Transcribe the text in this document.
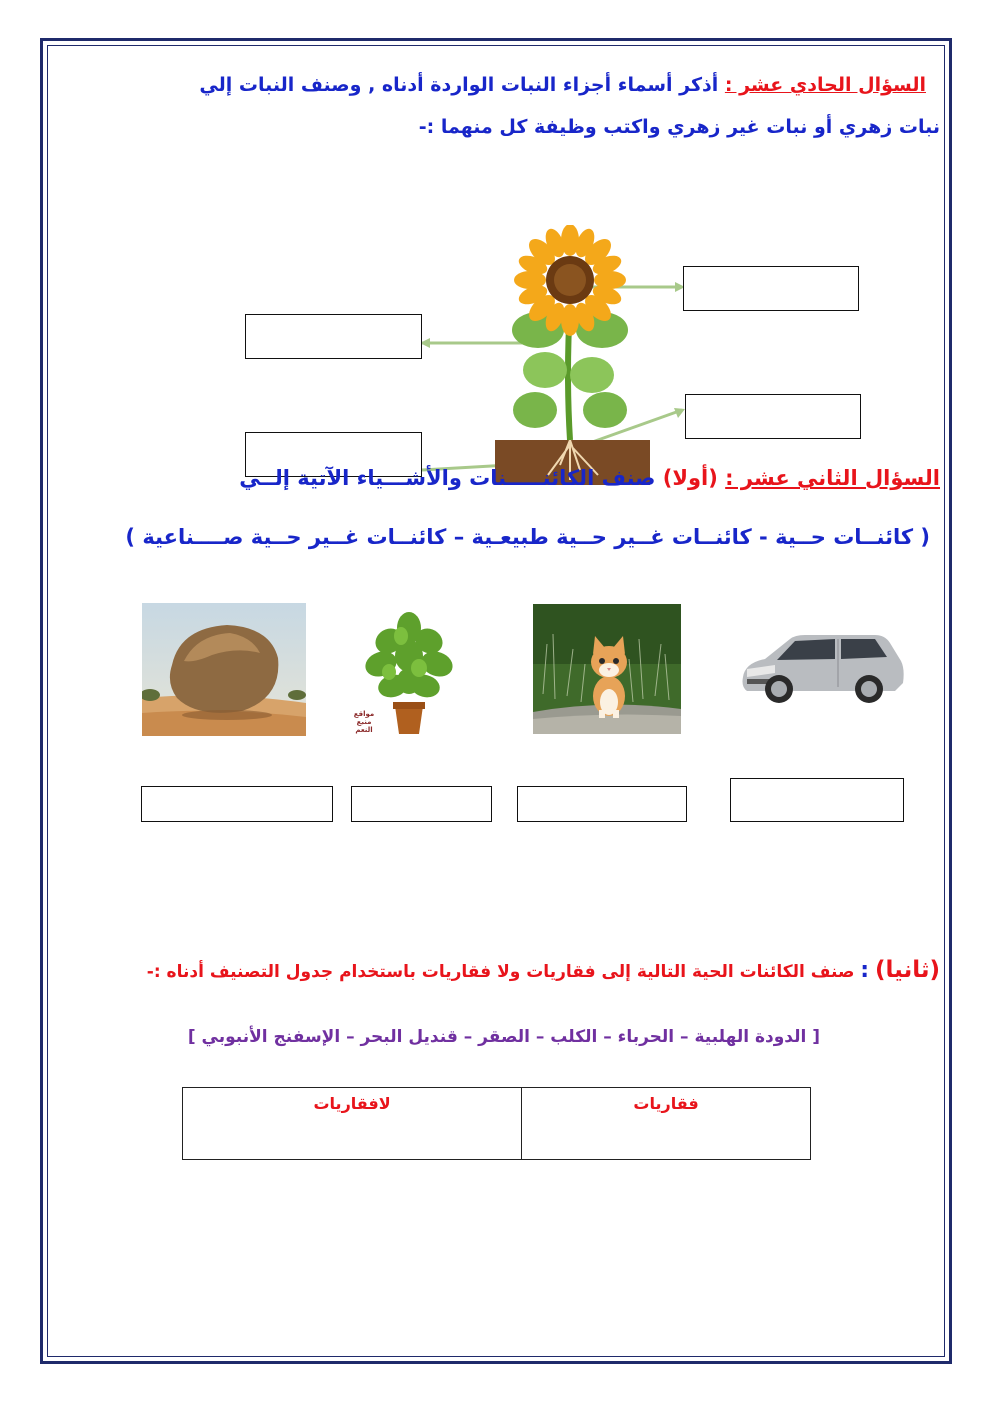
السؤال الحادي عشر : أذكر أسماء أجزاء النبات الواردة أدناه , وصنف النبات إلي
نبات زهري أو نبات غير زهري واكتب وظيفة كل منهما :-
السؤال الثاني عشر : (أولا) صنف الكائنـــــنات والأشـــياء الآتية إلــي
( كائنــات حــية - كائنــات غــير حــية طبيعـية – كائنــات غــير حــية صــــناعية )
مواقع منبع النعم
(ثانيا) : صنف الكائنات الحية التالية إلى فقاريات ولا فقاريات باستخدام جدول التصنيف أدناه :-
[ الدودة الهلبية – الحرباء – الكلب – الصقر – قنديل البحر – الإسفنج الأنبوبي ]
فقاريات	لافقاريات
